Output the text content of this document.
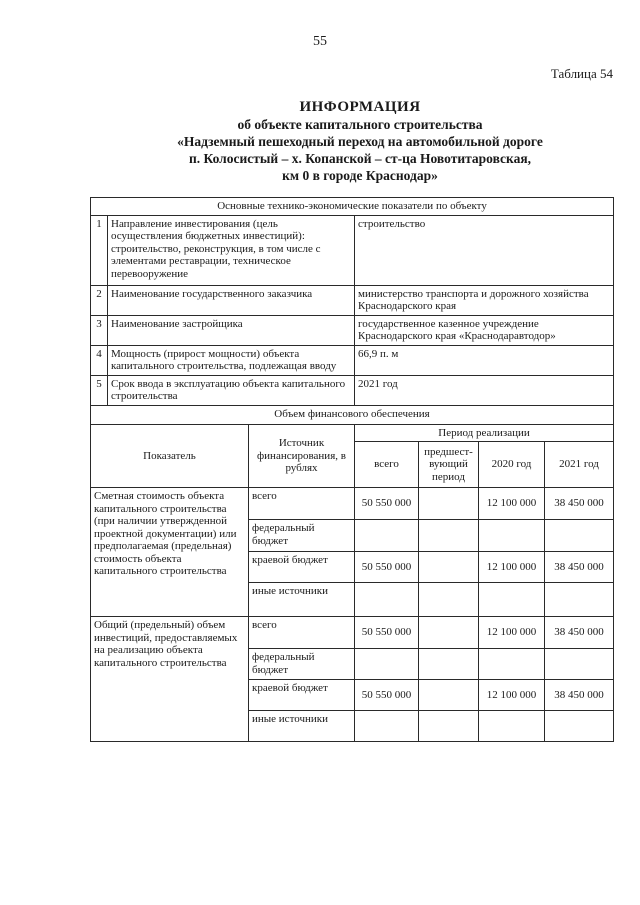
55
Таблица 54
ИНФОРМАЦИЯ
об объекте капитального строительства
«Надземный пешеходный переход на автомобильной дороге
п. Колосистый – х. Копанской – ст-ца Новотитаровская,
км 0 в городе Краснодар»
Основные технико-экономические показатели по объекту						
1	Направление инвестирования (цель осуществления бюджетных инвестиций): строительство, реконструкция, в том числе с элементами реставрации, техническое перевооружение		строительство			
2	Наименование государственного заказчика		министерство транспорта и дорожного хозяйства Краснодарского края			
3	Наименование застройщика		государственное казенное учреждение Краснодарского края «Краснодаравтодор»			
4	Мощность (прирост мощности) объекта капитального строительства, подлежащая вводу		66,9 п. м			
5	Срок ввода в эксплуатацию объекта капитального строительства		2021 год			
Объем финансового обеспечения						
Показатель		Источник финансирования, в рублях	Период реализации			
			всего	предшест-вующий период	2020 год	2021 год
Сметная стоимость объекта капитального строительства (при наличии утвержденной проектной документации) или предполагаемая (предельная) стоимость объекта капитального строительства		всего	50 550 000		12 100 000	38 450 000
		федеральный бюджет				
		краевой бюджет	50 550 000		12 100 000	38 450 000
		иные источники				
Общий (предельный) объем инвестиций, предоставляемых на реализацию объекта капитального строительства		всего	50 550 000		12 100 000	38 450 000
		федеральный бюджет				
		краевой бюджет	50 550 000		12 100 000	38 450 000
		иные источники				
